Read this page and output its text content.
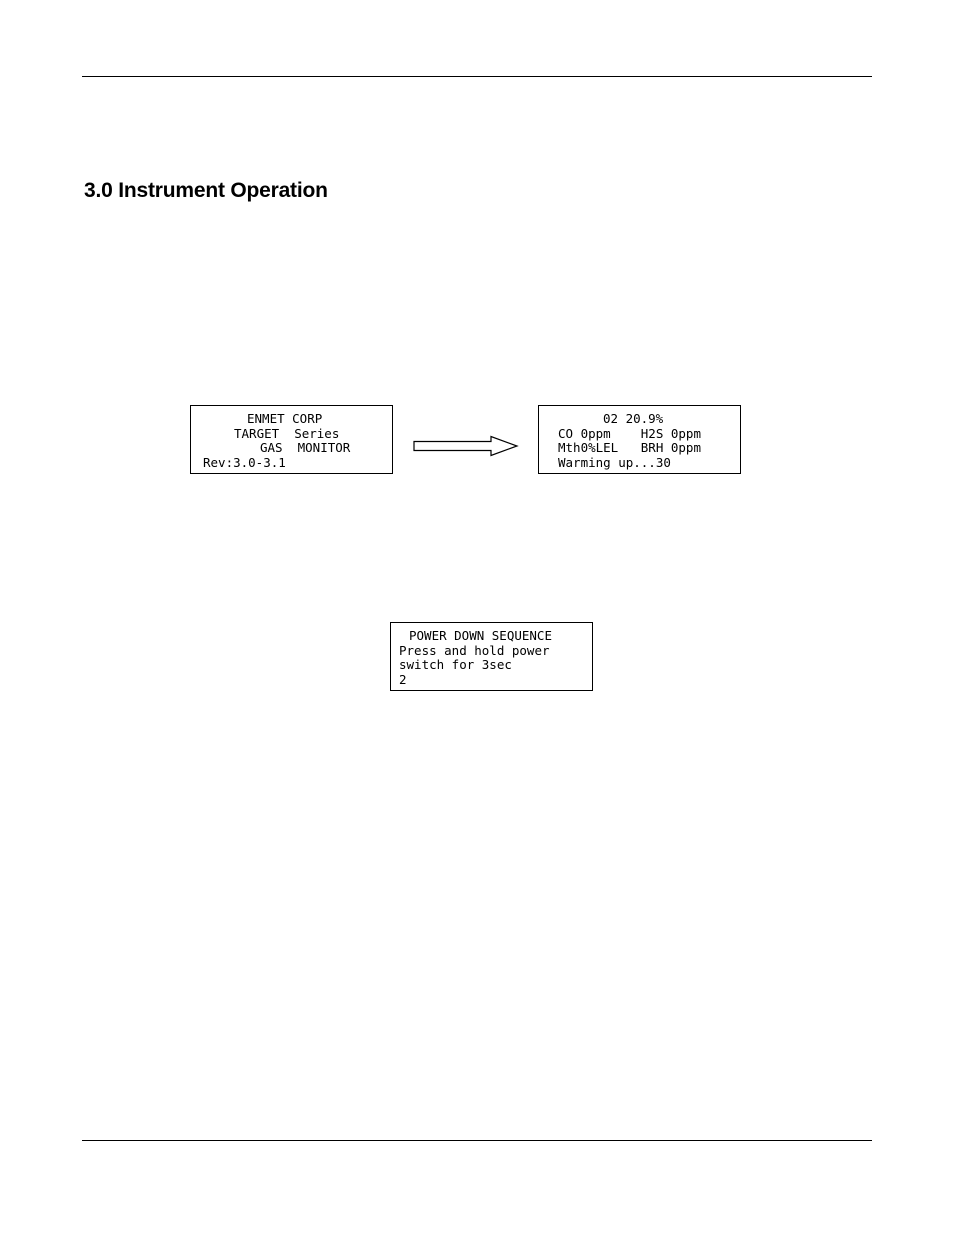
3.0 Instrument Operation
ENMET CORP
TARGET  Series
GAS  MONITOR
Rev:3.0-3.1
02 20.9%
CO 0ppm    H2S 0ppm
Mth0%LEL   BRH 0ppm
Warming up...30
POWER DOWN SEQUENCE
Press and hold power
switch for 3sec
2
